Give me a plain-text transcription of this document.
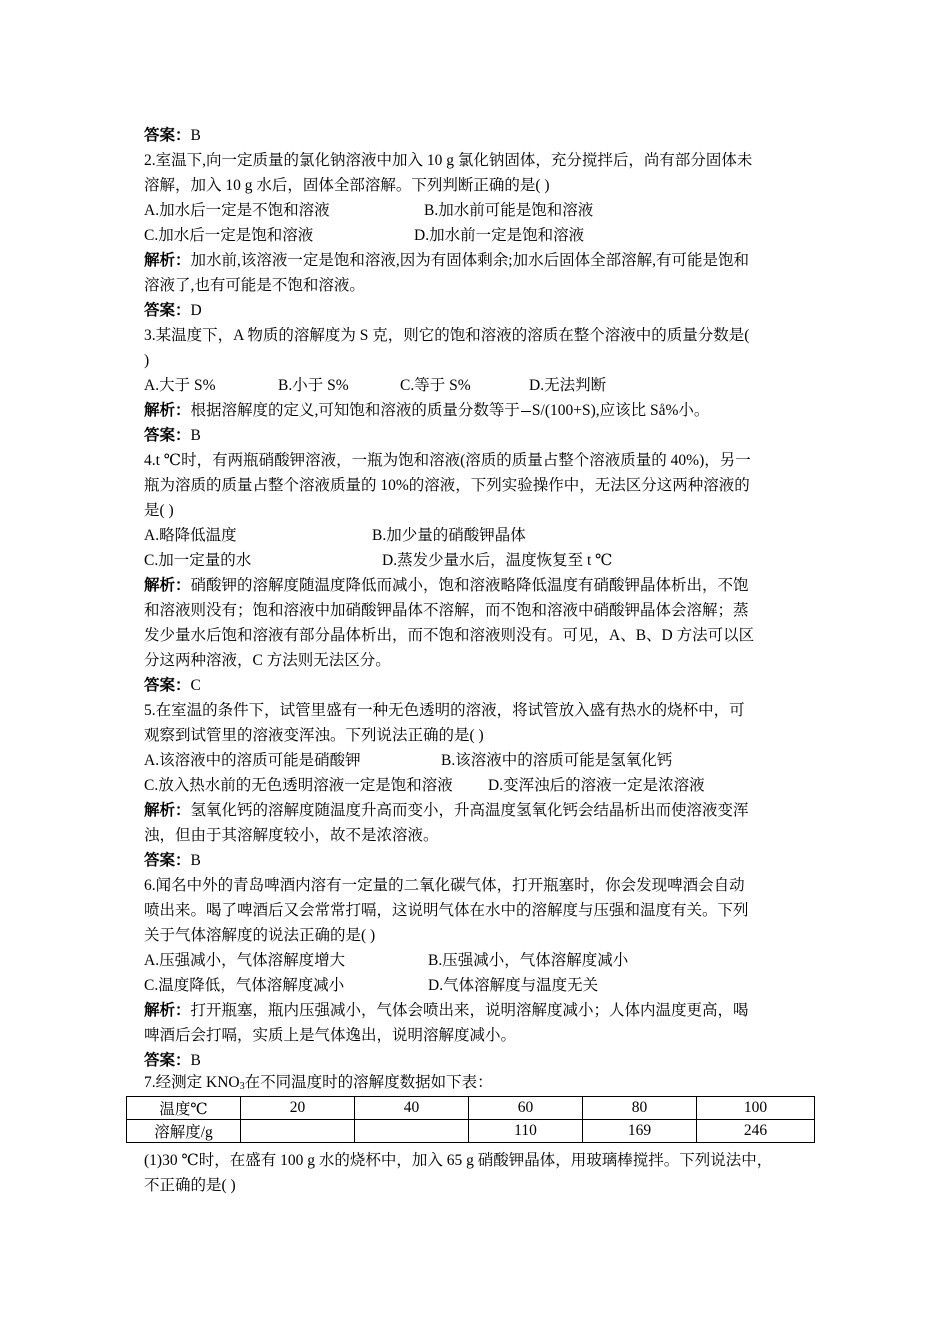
答案：B
2.室温下,向一定质量的氯化钠溶液中加入 10 g 氯化钠固体，充分搅拌后，尚有部分固体未
溶解，加入 10 g 水后，固体全部溶解。下列判断正确的是( )
A.加水后一定是不饱和溶液	B.加水前可能是饱和溶液
C.加水后一定是饱和溶液	D.加水前一定是饱和溶液
解析：加水前,该溶液一定是饱和溶液,因为有固体剩余;加水后固体全部溶解,有可能是饱和
溶液了,也有可能是不饱和溶液。
答案：D
3.某温度下，A 物质的溶解度为 S 克，则它的饱和溶液的溶质在整个溶液中的质量分数是(
)
A.大于 S%	B.小于 S%	C.等于 S%	D.无法判断
解析：根据溶解度的定义,可知饱和溶液的质量分数等于 S/(100+S),应该比 Så%小。
答案：B
4.t ℃时，有两瓶硝酸钾溶液，一瓶为饱和溶液(溶质的质量占整个溶液质量的 40%)，另一
瓶为溶质的质量占整个溶液质量的 10%的溶液，下列实验操作中，无法区分这两种溶液的
是( )
A.略降低温度	B.加少量的硝酸钾晶体
C.加一定量的水	D.蒸发少量水后，温度恢复至 t ℃
解析：硝酸钾的溶解度随温度降低而减小，饱和溶液略降低温度有硝酸钾晶体析出，不饱
和溶液则没有；饱和溶液中加硝酸钾晶体不溶解，而不饱和溶液中硝酸钾晶体会溶解；蒸
发少量水后饱和溶液有部分晶体析出，而不饱和溶液则没有。可见，A、B、D 方法可以区
分这两种溶液，C 方法则无法区分。
答案：C
5.在室温的条件下，试管里盛有一种无色透明的溶液，将试管放入盛有热水的烧杯中，可
观察到试管里的溶液变浑浊。下列说法正确的是( )
A.该溶液中的溶质可能是硝酸钾	B.该溶液中的溶质可能是氢氧化钙
C.放入热水前的无色透明溶液一定是饱和溶液 D.变浑浊后的溶液一定是浓溶液
解析：氢氧化钙的溶解度随温度升高而变小，升高温度氢氧化钙会结晶析出而使溶液变浑
浊，但由于其溶解度较小，故不是浓溶液。
答案：B
6.闻名中外的青岛啤酒内溶有一定量的二氧化碳气体，打开瓶塞时，你会发现啤酒会自动
喷出来。喝了啤酒后又会常常打嗝，这说明气体在水中的溶解度与压强和温度有关。下列
关于气体溶解度的说法正确的是( )
A.压强减小，气体溶解度增大	B.压强减小，气体溶解度减小
C.温度降低，气体溶解度减小	D.气体溶解度与温度无关
解析：打开瓶塞，瓶内压强减小，气体会喷出来，说明溶解度减小；人体内温度更高，喝
啤酒后会打嗝，实质上是气体逸出，说明溶解度减小。
答案：B
7.经测定 $KNO_3$在不同温度时的溶解度数据如下表：
温度℃	20	40	60	80	100
溶解度/g			110	169	246
(1)30 ℃时，在盛有 100 g 水的烧杯中，加入 65 g 硝酸钾晶体，用玻璃棒搅拌。下列说法中，
不正确的是( )
